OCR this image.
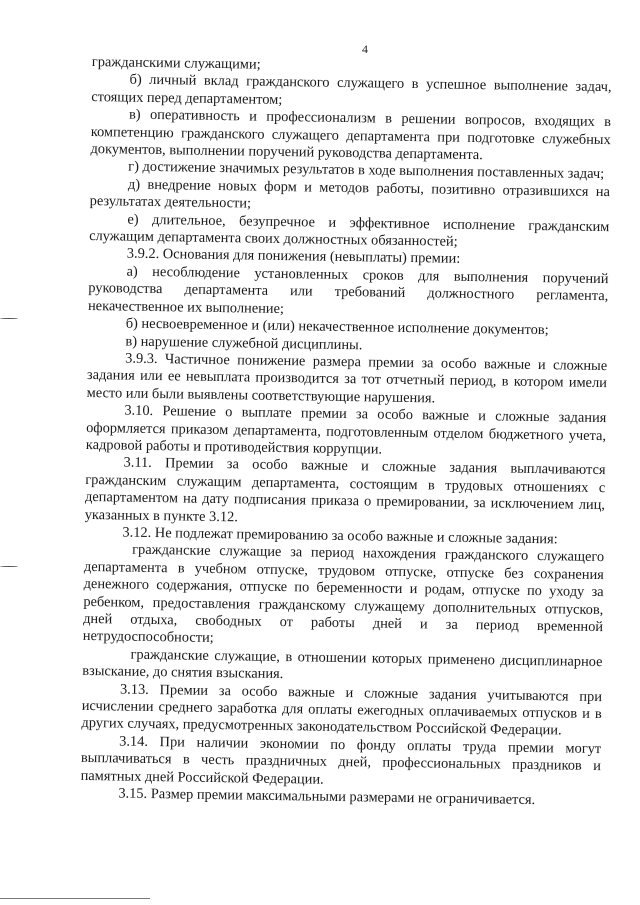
4

гражданскими служащими;

б) личный вклад гражданского служащего в успешное выполнение задач, стоящих перед департаментом;

в) оперативность и профессионализм в решении вопросов, входящих в компетенцию гражданского служащего департамента при подготовке служебных документов, выполнении поручений руководства департамента.

г) достижение значимых результатов в ходе выполнения поставленных задач;

д) внедрение новых форм и методов работы, позитивно отразившихся на результатах деятельности;

е) длительное, безупречное и эффективное исполнение гражданским служащим департамента своих должностных обязанностей;

3.9.2. Основания для понижения (невыплаты) премии:

а) несоблюдение установленных сроков для выполнения поручений руководства департамента или требований должностного регламента, некачественное их выполнение;

б) несвоевременное и (или) некачественное исполнение документов;

в) нарушение служебной дисциплины.

3.9.3. Частичное понижение размера премии за особо важные и сложные задания или ее невыплата производится за тот отчетный период, в котором имели место или были выявлены соответствующие нарушения.

3.10. Решение о выплате премии за особо важные и сложные задания оформляется приказом департамента, подготовленным отделом бюджетного учета, кадровой работы и противодействия коррупции.

3.11. Премии за особо важные и сложные задания выплачиваются гражданским служащим департамента, состоящим в трудовых отношениях с департаментом на дату подписания приказа о премировании, за исключением лиц, указанных в пункте 3.12.

3.12. Не подлежат премированию за особо важные и сложные задания:

гражданские служащие за период нахождения гражданского служащего департамента в учебном отпуске, трудовом отпуске, отпуске без сохранения денежного содержания, отпуске по беременности и родам, отпуске по уходу за ребенком, предоставления гражданскому служащему дополнительных отпусков, дней отдыха, свободных от работы дней и за период временной нетрудоспособности;

гражданские служащие, в отношении которых применено дисциплинарное взыскание, до снятия взыскания.

3.13. Премии за особо важные и сложные задания учитываются при исчислении среднего заработка для оплаты ежегодных оплачиваемых отпусков и в других случаях, предусмотренных законодательством Российской Федерации.

3.14. При наличии экономии по фонду оплаты труда премии могут выплачиваться в честь праздничных дней, профессиональных праздников и памятных дней Российской Федерации.

3.15. Размер премии максимальными размерами не ограничивается.
